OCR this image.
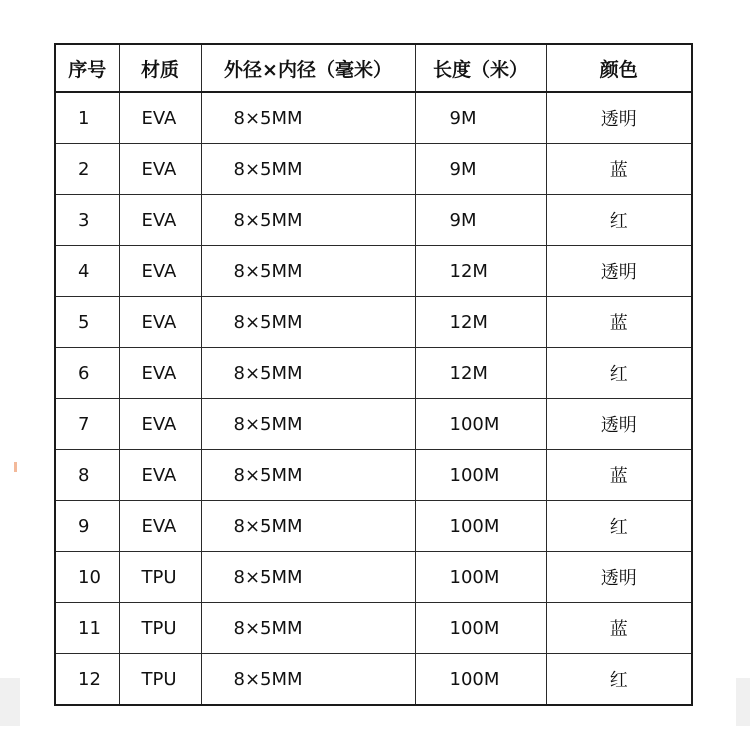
序号	材质	外径×内径（毫米）	长度（米）	颜色
1	EVA	8×5MM	9M	透明
2	EVA	8×5MM	9M	蓝
3	EVA	8×5MM	9M	红
4	EVA	8×5MM	12M	透明
5	EVA	8×5MM	12M	蓝
6	EVA	8×5MM	12M	红
7	EVA	8×5MM	100M	透明
8	EVA	8×5MM	100M	蓝
9	EVA	8×5MM	100M	红
10	TPU	8×5MM	100M	透明
11	TPU	8×5MM	100M	蓝
12	TPU	8×5MM	100M	红
